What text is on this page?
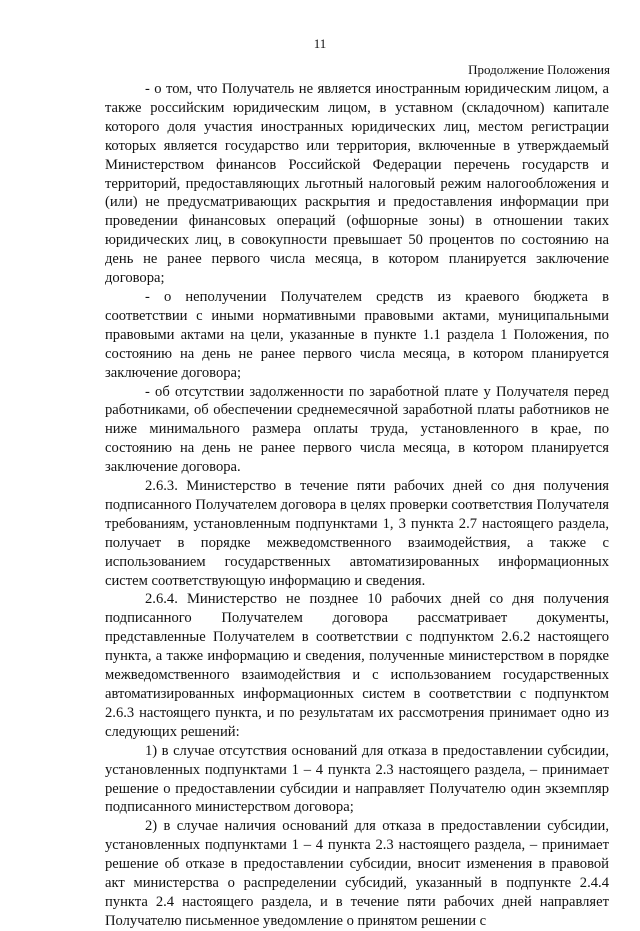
11
Продолжение Положения

- о том, что Получатель не является иностранным юридическим лицом, а также российским юридическим лицом, в уставном (складочном) капитале которого доля участия иностранных юридических лиц, местом регистрации которых является государство или территория, включенные в утверждаемый Министерством финансов Российской Федерации перечень государств и территорий, предоставляющих льготный налоговый режим налогообложения и (или) не предусматривающих раскрытия и предоставления информации при проведении финансовых операций (офшорные зоны) в отношении таких юридических лиц, в совокупности превышает 50 процентов по состоянию на день не ранее первого числа месяца, в котором планируется заключение договора;

- о неполучении Получателем средств из краевого бюджета в соответствии с иными нормативными правовыми актами, муниципальными правовыми актами на цели, указанные в пункте 1.1 раздела 1 Положения, по состоянию на день не ранее первого числа месяца, в котором планируется заключение договора;

- об отсутствии задолженности по заработной плате у Получателя перед работниками, об обеспечении среднемесячной заработной платы работников не ниже минимального размера оплаты труда, установленного в крае, по состоянию на день не ранее первого числа месяца, в котором планируется заключение договора.

2.6.3. Министерство в течение пяти рабочих дней со дня получения подписанного Получателем договора в целях проверки соответствия Получателя требованиям, установленным подпунктами 1, 3 пункта 2.7 настоящего раздела, получает в порядке межведомственного взаимодействия, а также с использованием государственных автоматизированных информационных систем соответствующую информацию и сведения.

2.6.4. Министерство не позднее 10 рабочих дней со дня получения подписанного Получателем договора рассматривает документы, представленные Получателем в соответствии с подпунктом 2.6.2 настоящего пункта, а также информацию и сведения, полученные министерством в порядке межведомственного взаимодействия и с использованием государственных автоматизированных информационных систем в соответствии с подпунктом 2.6.3 настоящего пункта, и по результатам их рассмотрения принимает одно из следующих решений:

1) в случае отсутствия оснований для отказа в предоставлении субсидии, установленных подпунктами 1 – 4 пункта 2.3 настоящего раздела, – принимает решение о предоставлении субсидии и направляет Получателю один экземпляр подписанного министерством договора;

2) в случае наличия оснований для отказа в предоставлении субсидии, установленных подпунктами 1 – 4 пункта 2.3 настоящего раздела, – принимает решение об отказе в предоставлении субсидии, вносит изменения в правовой акт министерства о распределении субсидий, указанный в подпункте 2.4.4 пункта 2.4 настоящего раздела, и в течение пяти рабочих дней направляет Получателю письменное уведомление о принятом решении с
